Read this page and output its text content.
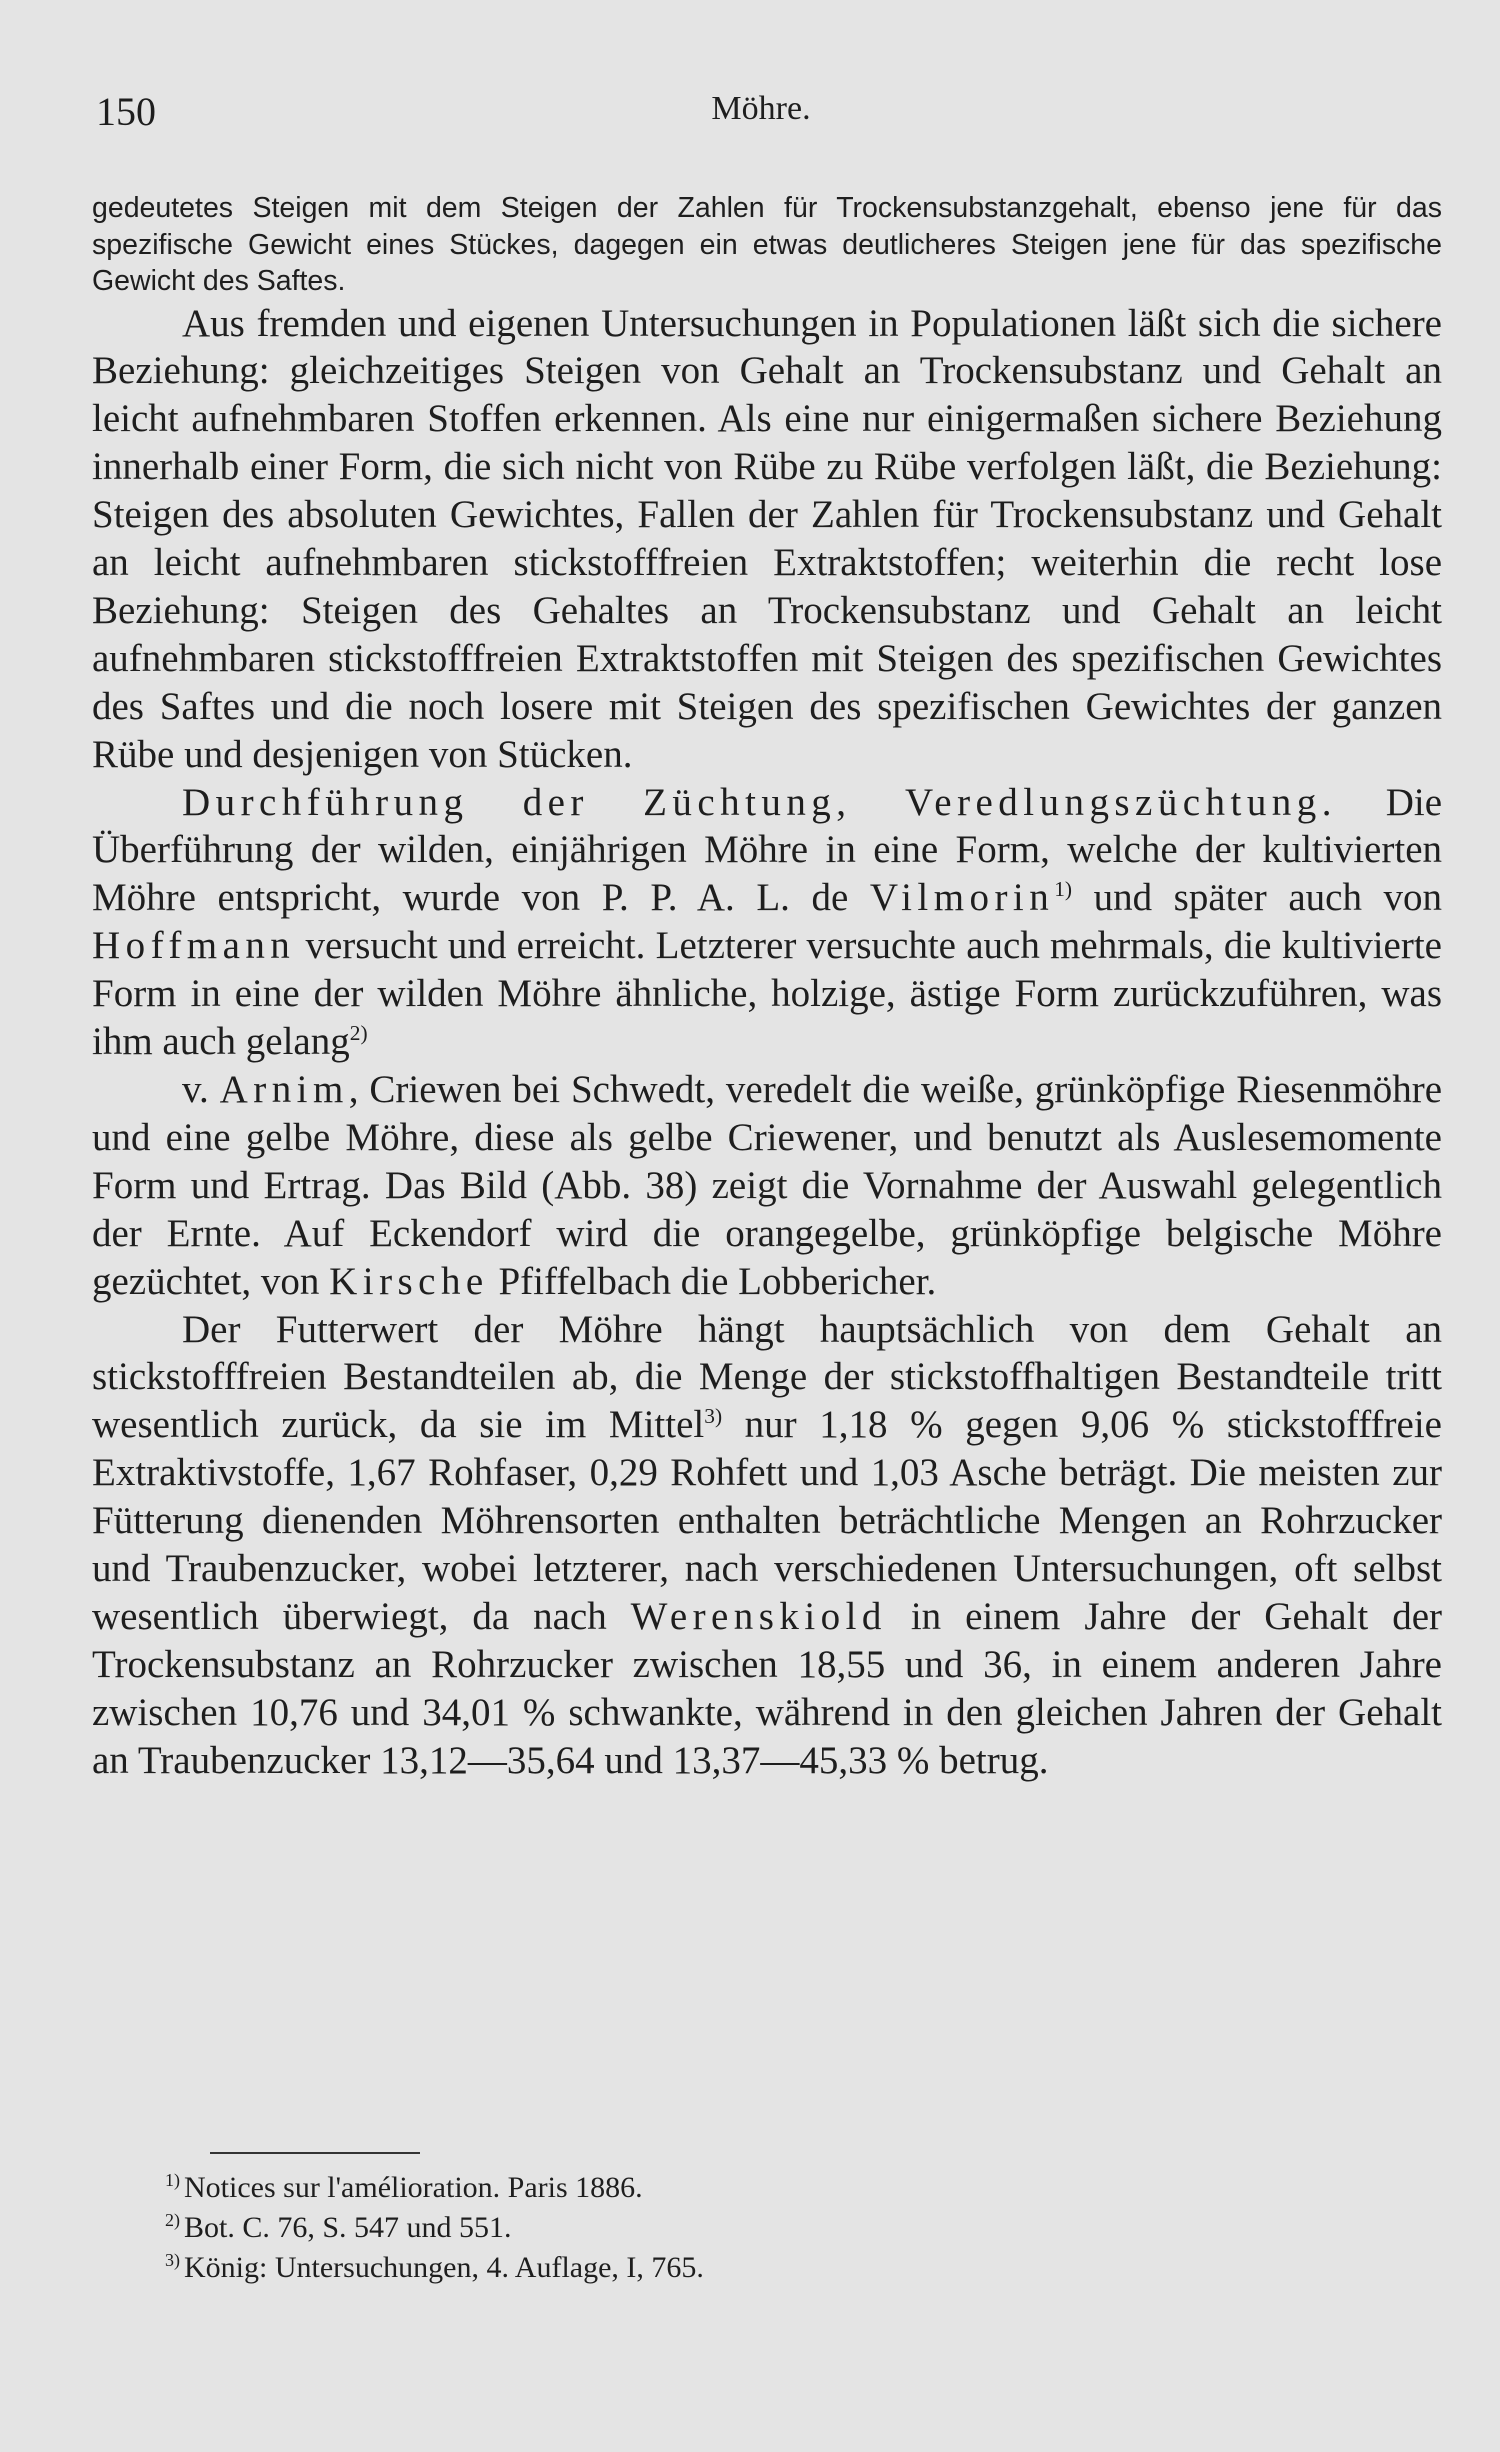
150	Möhre.

gedeutetes Steigen mit dem Steigen der Zahlen für Trockensubstanzgehalt, ebenso jene für das spezifische Gewicht eines Stückes, dagegen ein etwas deutlicheres Steigen jene für das spezifische Gewicht des Saftes.

Aus fremden und eigenen Untersuchungen in Populationen läßt sich die sichere Beziehung: gleichzeitiges Steigen von Gehalt an Trockensubstanz und Gehalt an leicht aufnehmbaren Stoffen erkennen. Als eine nur einigermaßen sichere Beziehung innerhalb einer Form, die sich nicht von Rübe zu Rübe verfolgen läßt, die Beziehung: Steigen des absoluten Gewichtes, Fallen der Zahlen für Trockensubstanz und Gehalt an leicht aufnehmbaren stickstofffreien Extraktstoffen; weiterhin die recht lose Beziehung: Steigen des Gehaltes an Trockensubstanz und Gehalt an leicht aufnehmbaren stickstofffreien Extraktstoffen mit Steigen des spezifischen Gewichtes des Saftes und die noch losere mit Steigen des spezifischen Gewichtes der ganzen Rübe und desjenigen von Stücken.

Durchführung der Züchtung, Veredlungszüchtung. Die Überführung der wilden, einjährigen Möhre in eine Form, welche der kultivierten Möhre entspricht, wurde von P. P. A. L. de Vilmorin$^{1)}$ und später auch von Hoffmann versucht und erreicht. Letzterer versuchte auch mehrmals, die kultivierte Form in eine der wilden Möhre ähnliche, holzige, ästige Form zurückzuführen, was ihm auch gelang$^{2)}$

v. Arnim, Criewen bei Schwedt, veredelt die weiße, grünköpfige Riesenmöhre und eine gelbe Möhre, diese als gelbe Criewener, und benutzt als Auslesemomente Form und Ertrag. Das Bild (Abb. 38) zeigt die Vornahme der Auswahl gelegentlich der Ernte. Auf Eckendorf wird die orangegelbe, grünköpfige belgische Möhre gezüchtet, von Kirsche Pfiffelbach die Lobbericher.

Der Futterwert der Möhre hängt hauptsächlich von dem Gehalt an stickstofffreien Bestandteilen ab, die Menge der stickstoffhaltigen Bestandteile tritt wesentlich zurück, da sie im Mittel$^{3)}$ nur 1,18 % gegen 9,06 % stickstofffreie Extraktivstoffe, 1,67 Rohfaser, 0,29 Rohfett und 1,03 Asche beträgt. Die meisten zur Fütterung dienenden Möhrensorten enthalten beträchtliche Mengen an Rohrzucker und Traubenzucker, wobei letzterer, nach verschiedenen Untersuchungen, oft selbst wesentlich überwiegt, da nach Werenskiold in einem Jahre der Gehalt der Trockensubstanz an Rohrzucker zwischen 18,55 und 36, in einem anderen Jahre zwischen 10,76 und 34,01 % schwankte, während in den gleichen Jahren der Gehalt an Traubenzucker 13,12—35,64 und 13,37—45,33 % betrug.

$^{1)}$ Notices sur l'amélioration. Paris 1886.

$^{2)}$ Bot. C. 76, S. 547 und 551.

$^{3)}$ König: Untersuchungen, 4. Auflage, I, 765.
